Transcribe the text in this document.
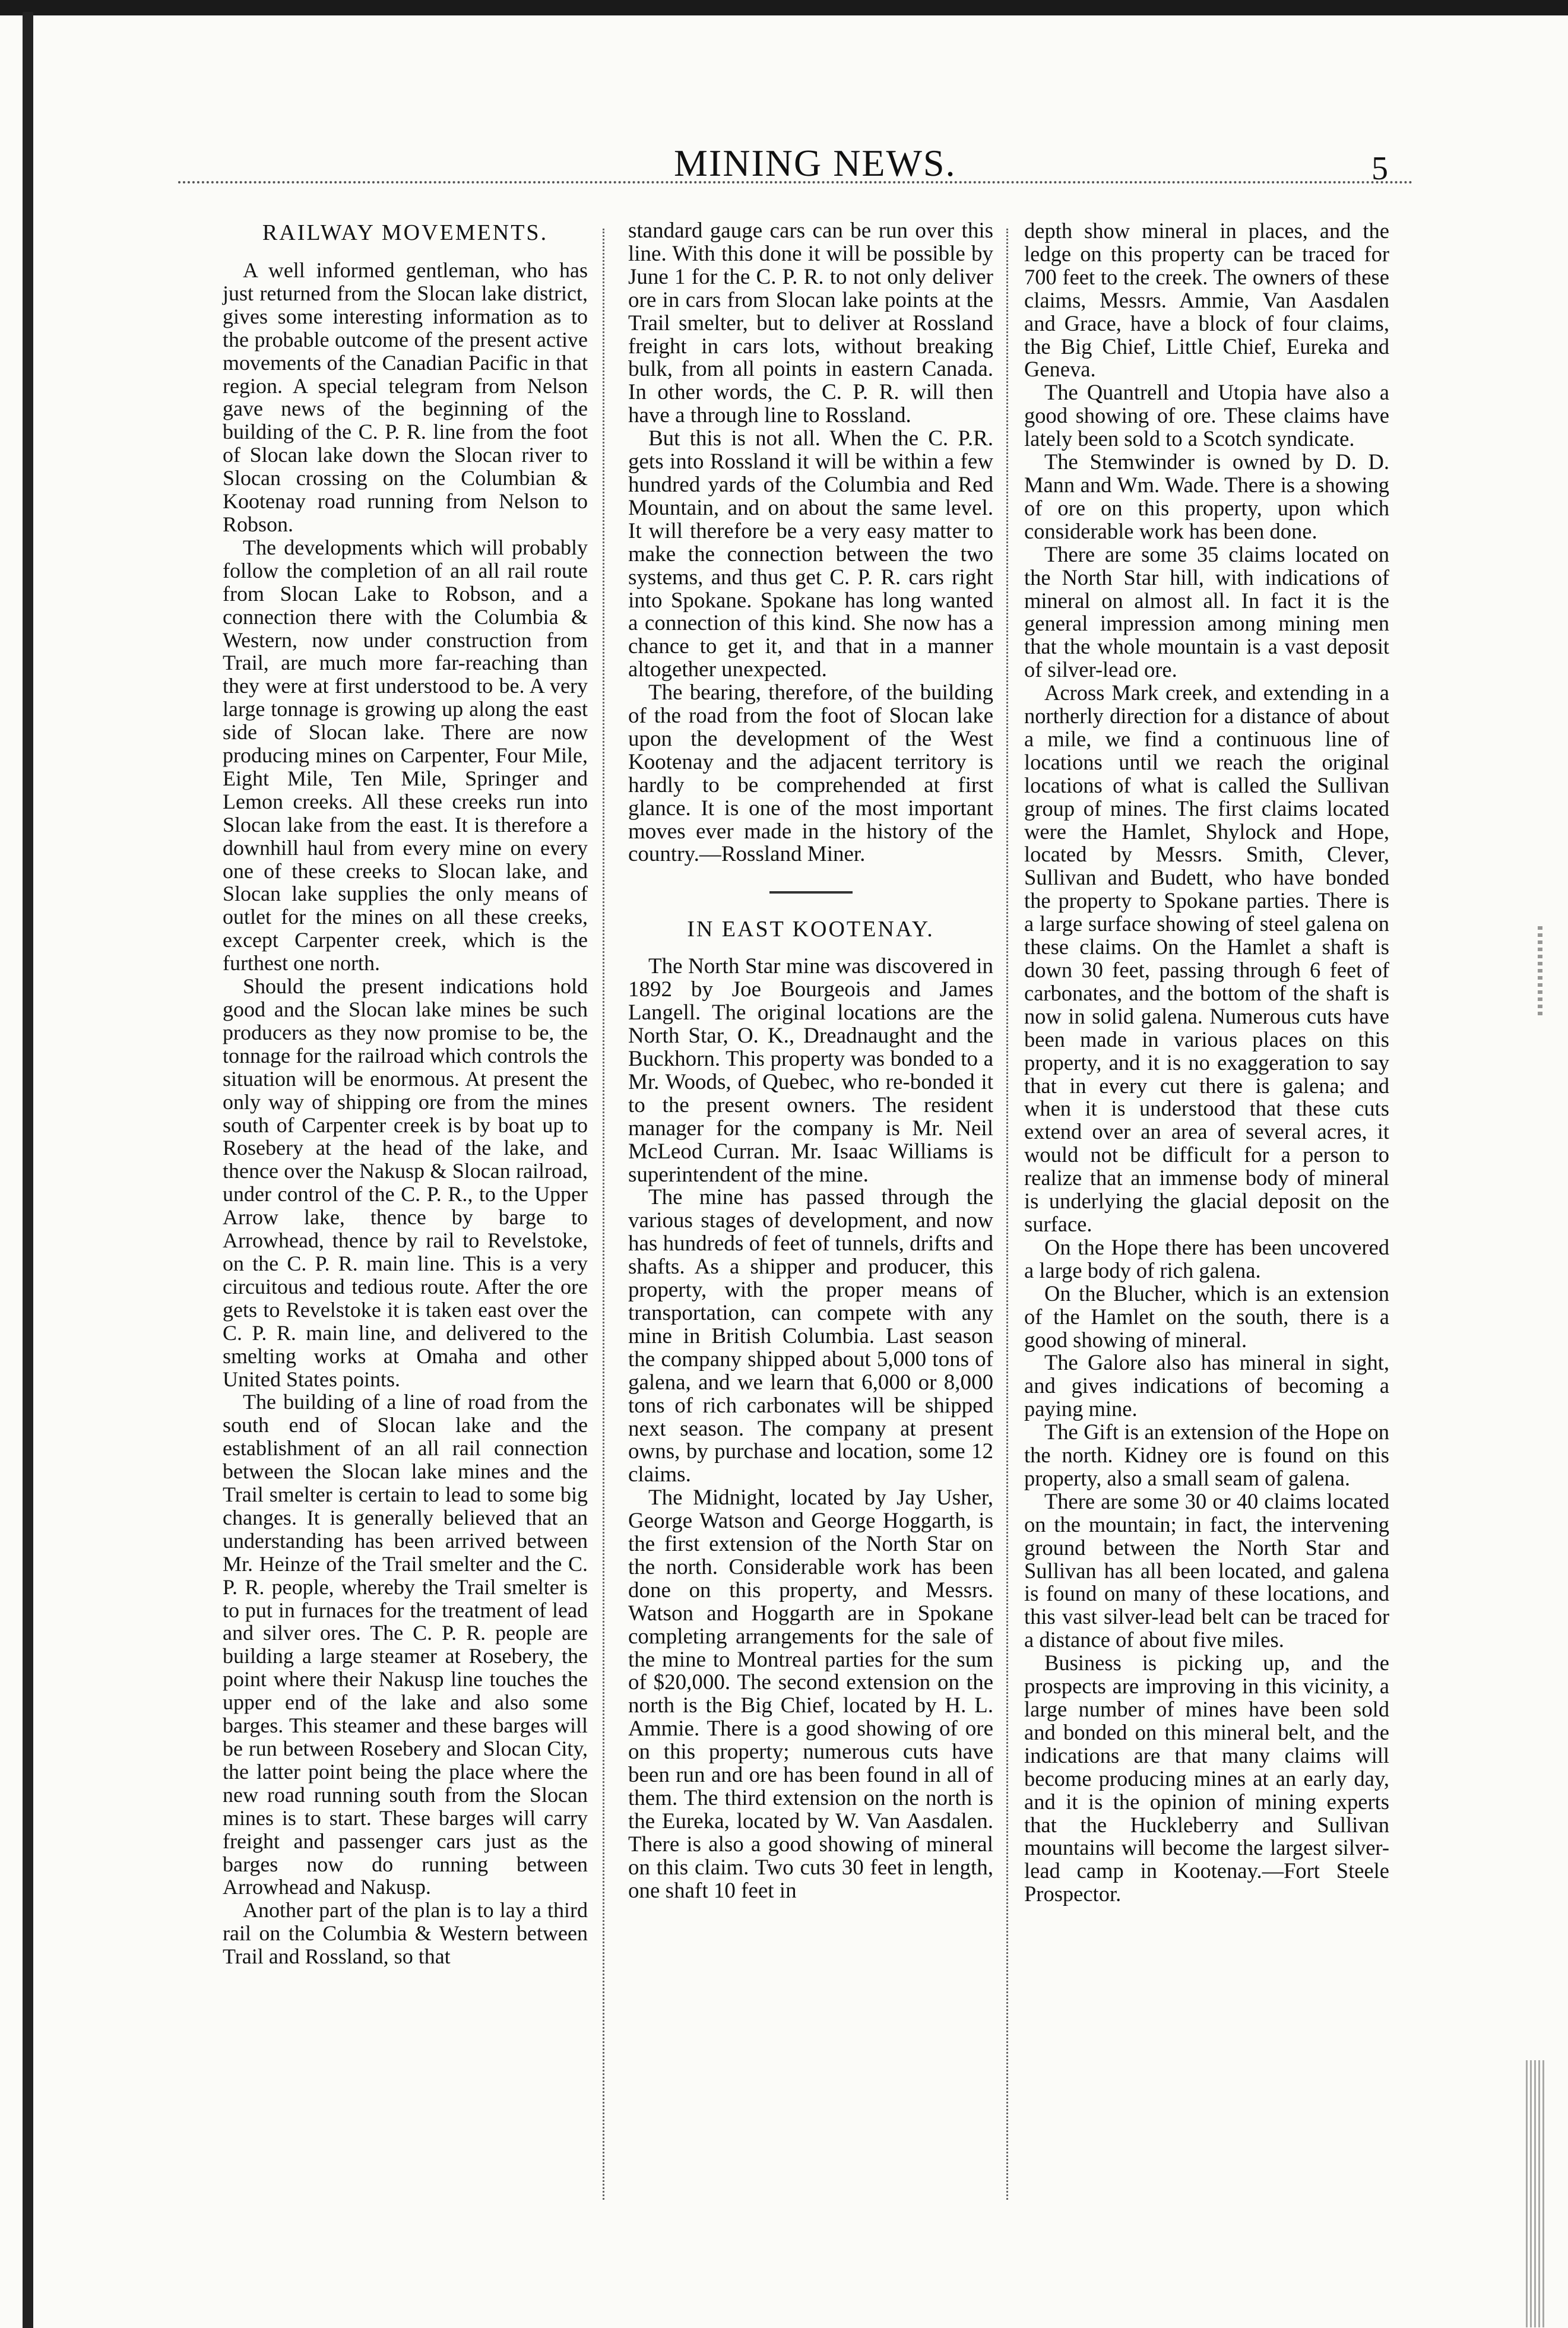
MINING NEWS.	5
RAILWAY MOVEMENTS.

A well informed gentleman, who has just returned from the Slocan lake district, gives some interesting information as to the probable outcome of the present active movements of the Canadian Pacific in that region. A special telegram from Nelson gave news of the beginning of the building of the C. P. R. line from the foot of Slocan lake down the Slocan river to Slocan crossing on the Columbian & Kootenay road running from Nelson to Robson.

The developments which will probably follow the completion of an all rail route from Slocan Lake to Robson, and a connection there with the Columbia & Western, now under construction from Trail, are much more far-reaching than they were at first understood to be. A very large tonnage is growing up along the east side of Slocan lake. There are now producing mines on Carpenter, Four Mile, Eight Mile, Ten Mile, Springer and Lemon creeks. All these creeks run into Slocan lake from the east. It is therefore a downhill haul from every mine on every one of these creeks to Slocan lake, and Slocan lake supplies the only means of outlet for the mines on all these creeks, except Carpenter creek, which is the furthest one north.

Should the present indications hold good and the Slocan lake mines be such producers as they now promise to be, the tonnage for the railroad which controls the situation will be enormous. At present the only way of shipping ore from the mines south of Carpenter creek is by boat up to Rosebery at the head of the lake, and thence over the Nakusp & Slocan railroad, under control of the C. P. R., to the Upper Arrow lake, thence by barge to Arrowhead, thence by rail to Revelstoke, on the C. P. R. main line. This is a very circuitous and tedious route. After the ore gets to Revelstoke it is taken east over the C. P. R. main line, and delivered to the smelting works at Omaha and other United States points.

The building of a line of road from the south end of Slocan lake and the establishment of an all rail connection between the Slocan lake mines and the Trail smelter is certain to lead to some big changes. It is generally believed that an understanding has been arrived between Mr. Heinze of the Trail smelter and the C. P. R. people, whereby the Trail smelter is to put in furnaces for the treatment of lead and silver ores. The C. P. R. people are building a large steamer at Rosebery, the point where their Nakusp line touches the upper end of the lake and also some barges. This steamer and these barges will be run between Rosebery and Slocan City, the latter point being the place where the new road running south from the Slocan mines is to start. These barges will carry freight and passenger cars just as the barges now do running between Arrowhead and Nakusp.

Another part of the plan is to lay a third rail on the Columbia & Western between Trail and Rossland, so that

standard gauge cars can be run over this line. With this done it will be possible by June 1 for the C. P. R. to not only deliver ore in cars from Slocan lake points at the Trail smelter, but to deliver at Rossland freight in cars lots, without breaking bulk, from all points in eastern Canada. In other words, the C. P. R. will then have a through line to Rossland.

But this is not all. When the C. P.R. gets into Rossland it will be within a few hundred yards of the Columbia and Red Mountain, and on about the same level. It will therefore be a very easy matter to make the connection between the two systems, and thus get C. P. R. cars right into Spokane. Spokane has long wanted a connection of this kind. She now has a chance to get it, and that in a manner altogether unexpected.

The bearing, therefore, of the building of the road from the foot of Slocan lake upon the development of the West Kootenay and the adjacent territory is hardly to be comprehended at first glance. It is one of the most important moves ever made in the history of the country.—Rossland Miner.

IN EAST KOOTENAY.

The North Star mine was discovered in 1892 by Joe Bourgeois and James Langell. The original locations are the North Star, O. K., Dreadnaught and the Buckhorn. This property was bonded to a Mr. Woods, of Quebec, who re-bonded it to the present owners. The resident manager for the company is Mr. Neil McLeod Curran. Mr. Isaac Williams is superintendent of the mine.

The mine has passed through the various stages of development, and now has hundreds of feet of tunnels, drifts and shafts. As a shipper and producer, this property, with the proper means of transportation, can compete with any mine in British Columbia. Last season the company shipped about 5,000 tons of galena, and we learn that 6,000 or 8,000 tons of rich carbonates will be shipped next season. The company at present owns, by purchase and location, some 12 claims.

The Midnight, located by Jay Usher, George Watson and George Hoggarth, is the first extension of the North Star on the north. Considerable work has been done on this property, and Messrs. Watson and Hoggarth are in Spokane completing arrangements for the sale of the mine to Montreal parties for the sum of $20,000. The second extension on the north is the Big Chief, located by H. L. Ammie. There is a good showing of ore on this property; numerous cuts have been run and ore has been found in all of them. The third extension on the north is the Eureka, located by W. Van Aasdalen. There is also a good showing of mineral on this claim. Two cuts 30 feet in length, one shaft 10 feet in

depth show mineral in places, and the ledge on this property can be traced for 700 feet to the creek. The owners of these claims, Messrs. Ammie, Van Aasdalen and Grace, have a block of four claims, the Big Chief, Little Chief, Eureka and Geneva.

The Quantrell and Utopia have also a good showing of ore. These claims have lately been sold to a Scotch syndicate.

The Stemwinder is owned by D. D. Mann and Wm. Wade. There is a showing of ore on this property, upon which considerable work has been done.

There are some 35 claims located on the North Star hill, with indications of mineral on almost all. In fact it is the general impression among mining men that the whole mountain is a vast deposit of silver-lead ore.

Across Mark creek, and extending in a northerly direction for a distance of about a mile, we find a continuous line of locations until we reach the original locations of what is called the Sullivan group of mines. The first claims located were the Hamlet, Shylock and Hope, located by Messrs. Smith, Clever, Sullivan and Budett, who have bonded the property to Spokane parties. There is a large surface showing of steel galena on these claims. On the Hamlet a shaft is down 30 feet, passing through 6 feet of carbonates, and the bottom of the shaft is now in solid galena. Numerous cuts have been made in various places on this property, and it is no exaggeration to say that in every cut there is galena; and when it is understood that these cuts extend over an area of several acres, it would not be difficult for a person to realize that an immense body of mineral is underlying the glacial deposit on the surface.

On the Hope there has been uncovered a large body of rich galena.

On the Blucher, which is an extension of the Hamlet on the south, there is a good showing of mineral.

The Galore also has mineral in sight, and gives indications of becoming a paying mine.

The Gift is an extension of the Hope on the north. Kidney ore is found on this property, also a small seam of galena.

There are some 30 or 40 claims located on the mountain; in fact, the intervening ground between the North Star and Sullivan has all been located, and galena is found on many of these locations, and this vast silver-lead belt can be traced for a distance of about five miles.

Business is picking up, and the prospects are improving in this vicinity, a large number of mines have been sold and bonded on this mineral belt, and the indications are that many claims will become producing mines at an early day, and it is the opinion of mining experts that the Huckleberry and Sullivan mountains will become the largest silver-lead camp in Kootenay.—Fort Steele Prospector.
